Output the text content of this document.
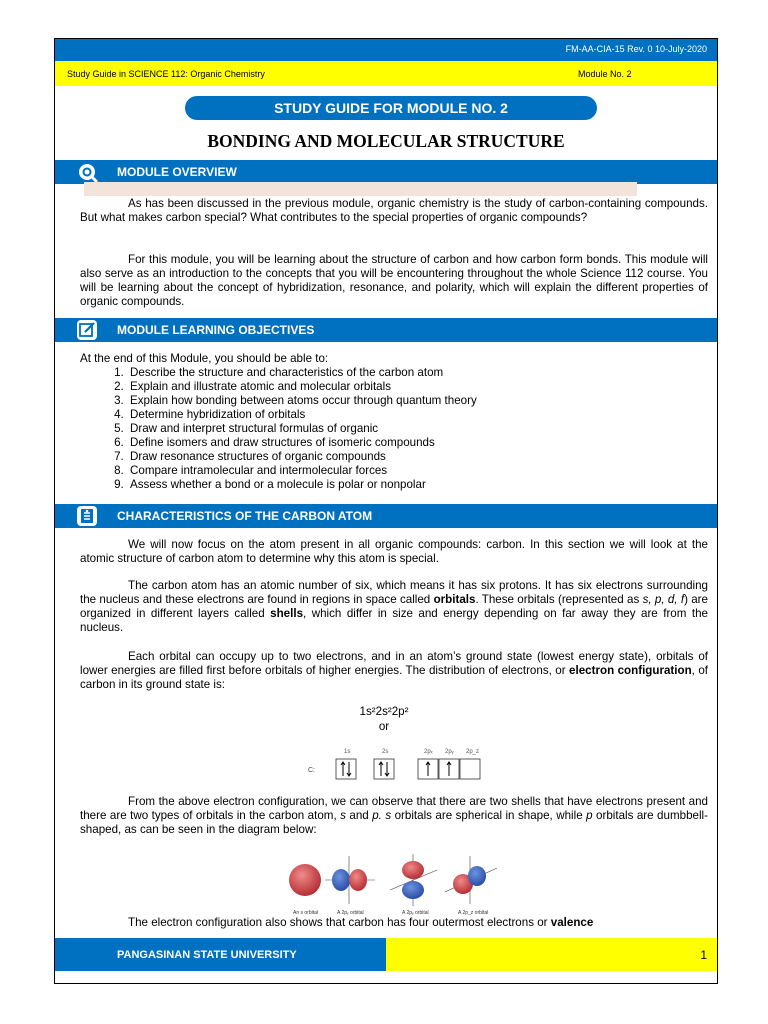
FM-AA-CIA-15 Rev. 0 10-July-2020
Study Guide in SCIENCE 112: Organic Chemistry	Module No. 2
STUDY GUIDE FOR MODULE NO. 2
BONDING AND MOLECULAR STRUCTURE
MODULE OVERVIEW
As has been discussed in the previous module, organic chemistry is the study of carbon-containing compounds. But what makes carbon special? What contributes to the special properties of organic compounds?
For this module, you will be learning about the structure of carbon and how carbon form bonds. This module will also serve as an introduction to the concepts that you will be encountering throughout the whole Science 112 course. You will be learning about the concept of hybridization, resonance, and polarity, which will explain the different properties of organic compounds.
MODULE LEARNING OBJECTIVES
At the end of this Module, you should be able to:
1. Describe the structure and characteristics of the carbon atom
2. Explain and illustrate atomic and molecular orbitals
3. Explain how bonding between atoms occur through quantum theory
4. Determine hybridization of orbitals
5. Draw and interpret structural formulas of organic
6. Define isomers and draw structures of isomeric compounds
7. Draw resonance structures of organic compounds
8. Compare intramolecular and intermolecular forces
9. Assess whether a bond or a molecule is polar or nonpolar
CHARACTERISTICS OF THE CARBON ATOM
We will now focus on the atom present in all organic compounds: carbon. In this section we will look at the atomic structure of carbon atom to determine why this atom is special.
The carbon atom has an atomic number of six, which means it has six protons. It has six electrons surrounding the nucleus and these electrons are found in regions in space called orbitals. These orbitals (represented as s, p, d, f) are organized in different layers called shells, which differ in size and energy depending on far away they are from the nucleus.
Each orbital can occupy up to two electrons, and in an atom’s ground state (lowest energy state), orbitals of lower energies are filled first before orbitals of higher energies. The distribution of electrons, or electron configuration, of carbon in its ground state is:
1s²2s²2p²
or
C:
1s	2s	2pₓ 2pᵧ 2p_z
From the above electron configuration, we can observe that there are two shells that have electrons present and there are two types of orbitals in the carbon atom, s and p. s orbitals are spherical in shape, while p orbitals are dumbbell-shaped, as can be seen in the diagram below:
An s orbital	A 2pₓ orbital	A 2pᵧ orbital	A 2p_z orbital
The electron configuration also shows that carbon has four outermost electrons or valence
PANGASINAN STATE UNIVERSITY	1
